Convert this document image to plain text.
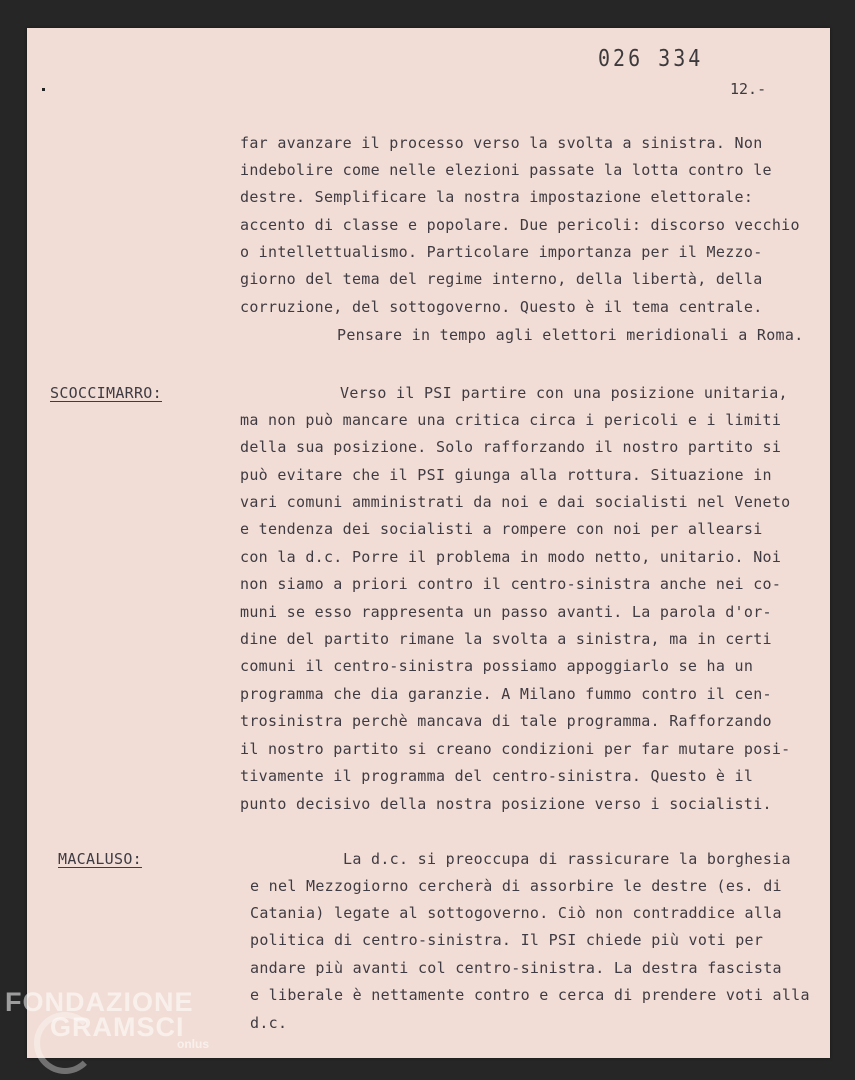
026 334
12.-
far avanzare il processo verso la svolta a sinistra. Non
indebolire come nelle elezioni passate la lotta contro le
destre. Semplificare la nostra impostazione elettorale:
accento di classe e popolare. Due pericoli: discorso vecchio
o intellettualismo. Particolare importanza per il Mezzo-
giorno del tema del regime interno, della libertà, della
corruzione, del sottogoverno. Questo è il tema centrale.
Pensare in tempo agli elettori meridionali a Roma.
SCOCCIMARRO:	Verso il PSI partire con una posizione unitaria,
ma non può mancare una critica circa i pericoli e i limiti
della sua posizione. Solo rafforzando il nostro partito si
può evitare che il PSI giunga alla rottura. Situazione in
vari comuni amministrati da noi e dai socialisti nel Veneto
e tendenza dei socialisti a rompere con noi per allearsi
con la d.c. Porre il problema in modo netto, unitario. Noi
non siamo a priori contro il centro-sinistra anche nei co-
muni se esso rappresenta un passo avanti. La parola d'or-
dine del partito rimane la svolta a sinistra, ma in certi
comuni il centro-sinistra possiamo appoggiarlo se ha un
programma che dia garanzie. A Milano fummo contro il cen-
trosinistra perchè mancava di tale programma. Rafforzando
il nostro partito si creano condizioni per far mutare posi-
tivamente il programma del centro-sinistra. Questo è il
punto decisivo della nostra posizione verso i socialisti.
MACALUSO:	La d.c. si preoccupa di rassicurare la borghesia
e nel Mezzogiorno cercherà di assorbire le destre (es. di
Catania) legate al sottogoverno. Ciò non contraddice alla
politica di centro-sinistra. Il PSI chiede più voti per
andare più avanti col centro-sinistra. La destra fascista
e liberale è nettamente contro e cerca di prendere voti alla
d.c.
FONDAZIONE
GRAMSCI
onlus
